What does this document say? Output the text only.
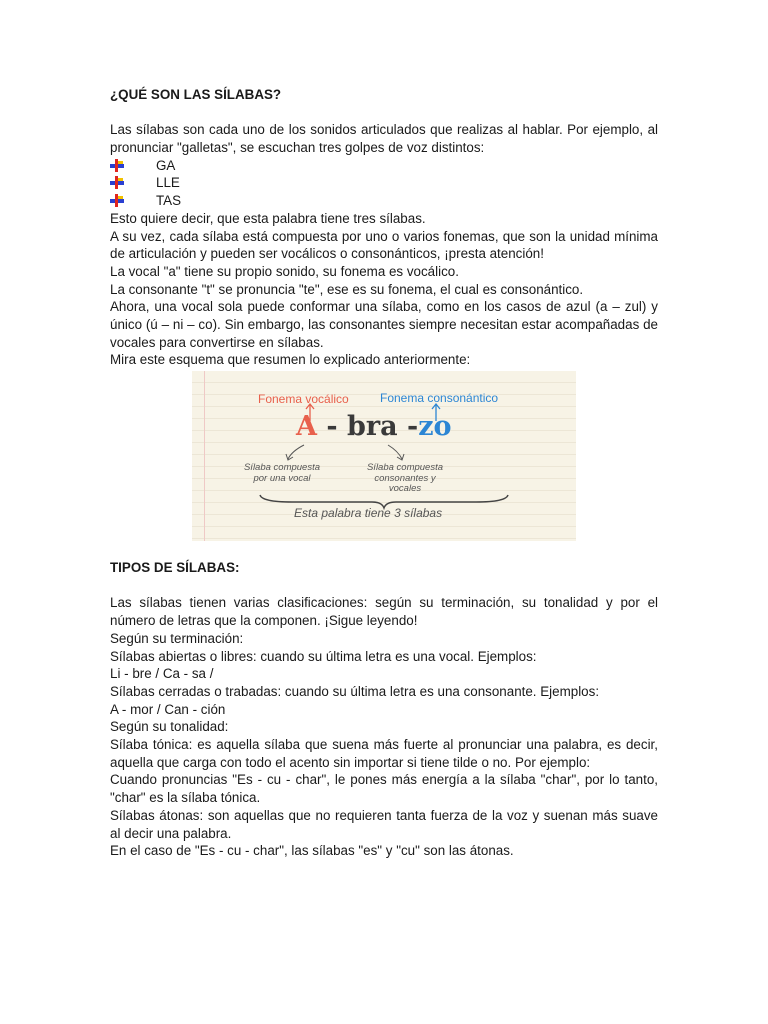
¿QUÉ SON LAS SÍLABAS?

Las sílabas son cada uno de los sonidos articulados que realizas al hablar. Por ejemplo, al pronunciar "galletas", se escuchan tres golpes de voz distintos:

GA
LLE
TAS

Esto quiere decir, que esta palabra tiene tres sílabas.

A su vez, cada sílaba está compuesta por uno o varios fonemas, que son la unidad mínima de articulación y pueden ser vocálicos o consonánticos, ¡presta atención!

La vocal "a" tiene su propio sonido, su fonema es vocálico.

La consonante "t" se pronuncia "te", ese es su fonema, el cual es consonántico.

Ahora, una vocal sola puede conformar una sílaba, como en los casos de azul (a – zul) y único (ú – ni – co). Sin embargo, las consonantes siempre necesitan estar acompañadas de vocales para convertirse en sílabas.

Mira este esquema que resumen lo explicado anteriormente:

Fonema vocálico	Fonema consonántico
A - bra -zo
Sílaba compuesta por una vocal
Sílaba compuesta consonantes y vocales
Esta palabra tiene 3 sílabas

TIPOS DE SÍLABAS:

Las sílabas tienen varias clasificaciones: según su terminación, su tonalidad y por el número de letras que la componen. ¡Sigue leyendo!

Según su terminación:

Sílabas abiertas o libres: cuando su última letra es una vocal. Ejemplos:

Li - bre / Ca - sa /

Sílabas cerradas o trabadas: cuando su última letra es una consonante. Ejemplos:

A - mor / Can - ción

Según su tonalidad:

Sílaba tónica: es aquella sílaba que suena más fuerte al pronunciar una palabra, es decir, aquella que carga con todo el acento sin importar si tiene tilde o no. Por ejemplo:

Cuando pronuncias "Es - cu - char", le pones más energía a la sílaba "char", por lo tanto, "char" es la sílaba tónica.

Sílabas átonas: son aquellas que no requieren tanta fuerza de la voz y suenan más suave al decir una palabra.

En el caso de "Es - cu - char", las sílabas "es" y "cu" son las átonas.
